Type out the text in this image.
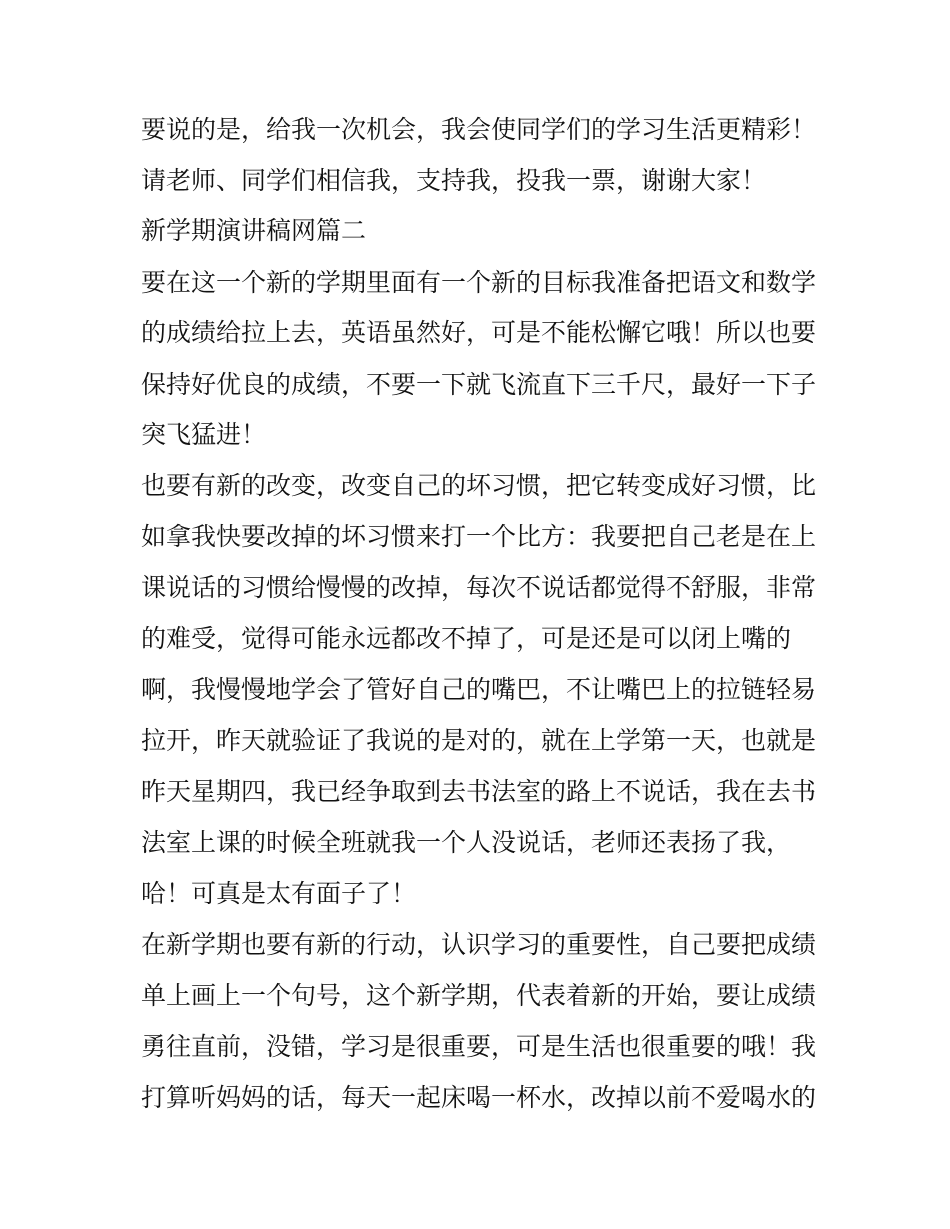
要说的是，给我一次机会，我会使同学们的学习生活更精彩！
请老师、同学们相信我，支持我，投我一票，谢谢大家！
新学期演讲稿网篇二
要在这一个新的学期里面有一个新的目标我准备把语文和数学
的成绩给拉上去，英语虽然好，可是不能松懈它哦！所以也要
保持好优良的成绩，不要一下就飞流直下三千尺，最好一下子
突飞猛进！
也要有新的改变，改变自己的坏习惯，把它转变成好习惯，比
如拿我快要改掉的坏习惯来打一个比方：我要把自己老是在上
课说话的习惯给慢慢的改掉，每次不说话都觉得不舒服，非常
的难受，觉得可能永远都改不掉了，可是还是可以闭上嘴的
啊，我慢慢地学会了管好自己的嘴巴，不让嘴巴上的拉链轻易
拉开，昨天就验证了我说的是对的，就在上学第一天，也就是
昨天星期四，我已经争取到去书法室的路上不说话，我在去书
法室上课的时候全班就我一个人没说话，老师还表扬了我，
哈！可真是太有面子了！
在新学期也要有新的行动，认识学习的重要性，自己要把成绩
单上画上一个句号，这个新学期，代表着新的开始，要让成绩
勇往直前，没错，学习是很重要，可是生活也很重要的哦！我
打算听妈妈的话，每天一起床喝一杯水，改掉以前不爱喝水的
